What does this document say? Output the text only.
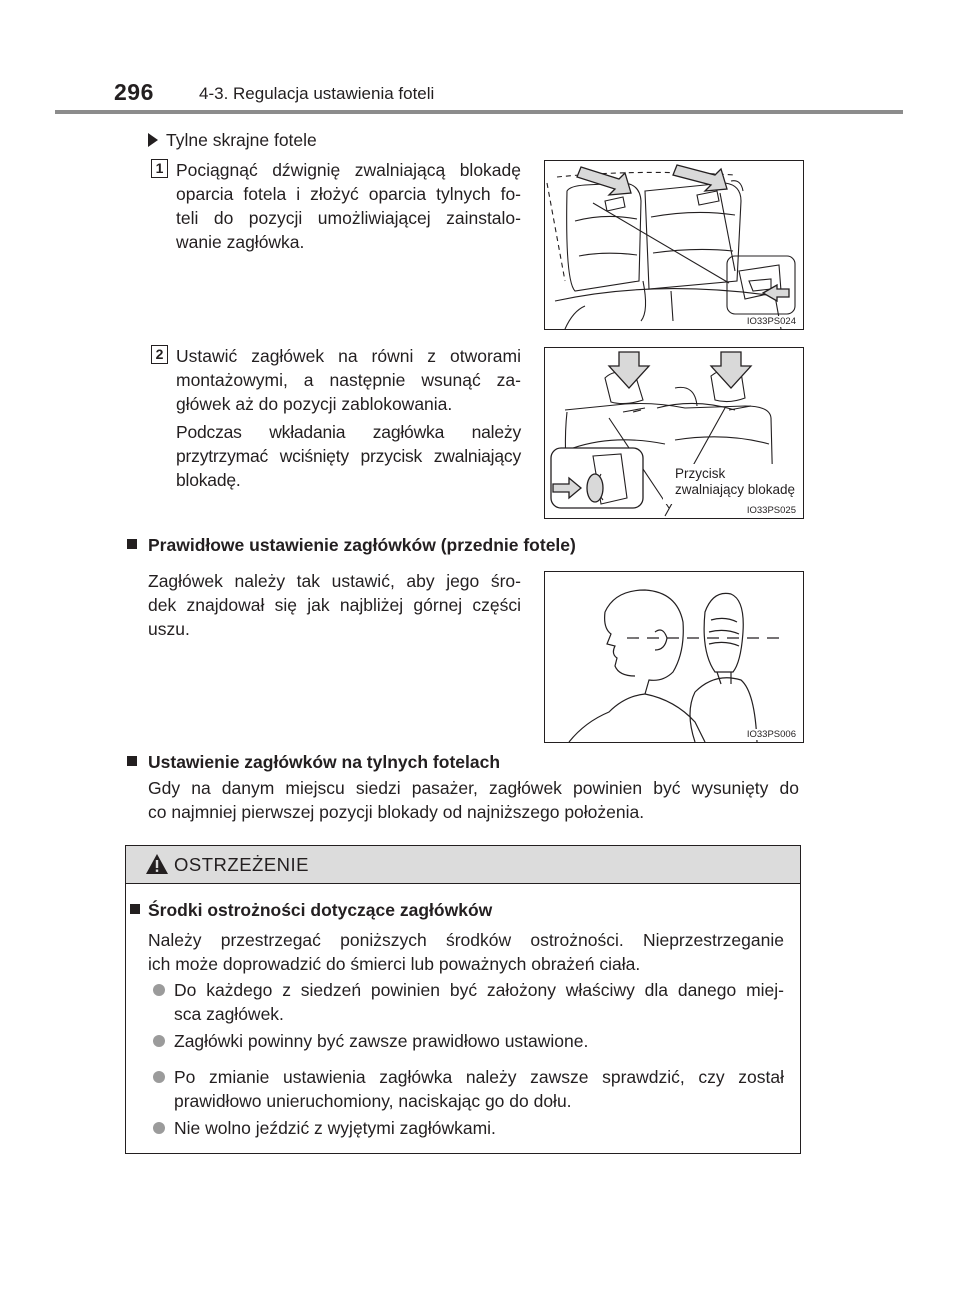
296	4-3. Regulacja ustawienia foteli
Tylne skrajne fotele
1 Pociągnąć dźwignię zwalniającą blokadę
oparcia fotela i złożyć oparcia tylnych fo-
teli do pozycji umożliwiającej zainstalo-
wanie zagłówka.
IO33PS024
2 Ustawić zagłówek na równi z otworami
montażowymi, a następnie wsunąć za-
główek aż do pozycji zablokowania.
Podczas wkładania zagłówka należy
przytrzymać wciśnięty przycisk zwalniający
blokadę.	Przycisk
zwalniający blokadę
IO33PS025
Prawidłowe ustawienie zagłówków (przednie fotele)
Zagłówek należy tak ustawić, aby jego śro-
dek znajdował się jak najbliżej górnej części
uszu.
IO33PS006
Ustawienie zagłówków na tylnych fotelach
Gdy na danym miejscu siedzi pasażer, zagłówek powinien być wysunięty do
co najmniej pierwszej pozycji blokady od najniższego położenia.
OSTRZEŻENIE
Środki ostrożności dotyczące zagłówków
Należy przestrzegać poniższych środków ostrożności. Nieprzestrzeganie
ich może doprowadzić do śmierci lub poważnych obrażeń ciała.
Do każdego z siedzeń powinien być założony właściwy dla danego miej-
sca zagłówek.
Zagłówki powinny być zawsze prawidłowo ustawione.
Po zmianie ustawienia zagłówka należy zawsze sprawdzić, czy został
prawidłowo unieruchomiony, naciskając go do dołu.
Nie wolno jeździć z wyjętymi zagłówkami.
